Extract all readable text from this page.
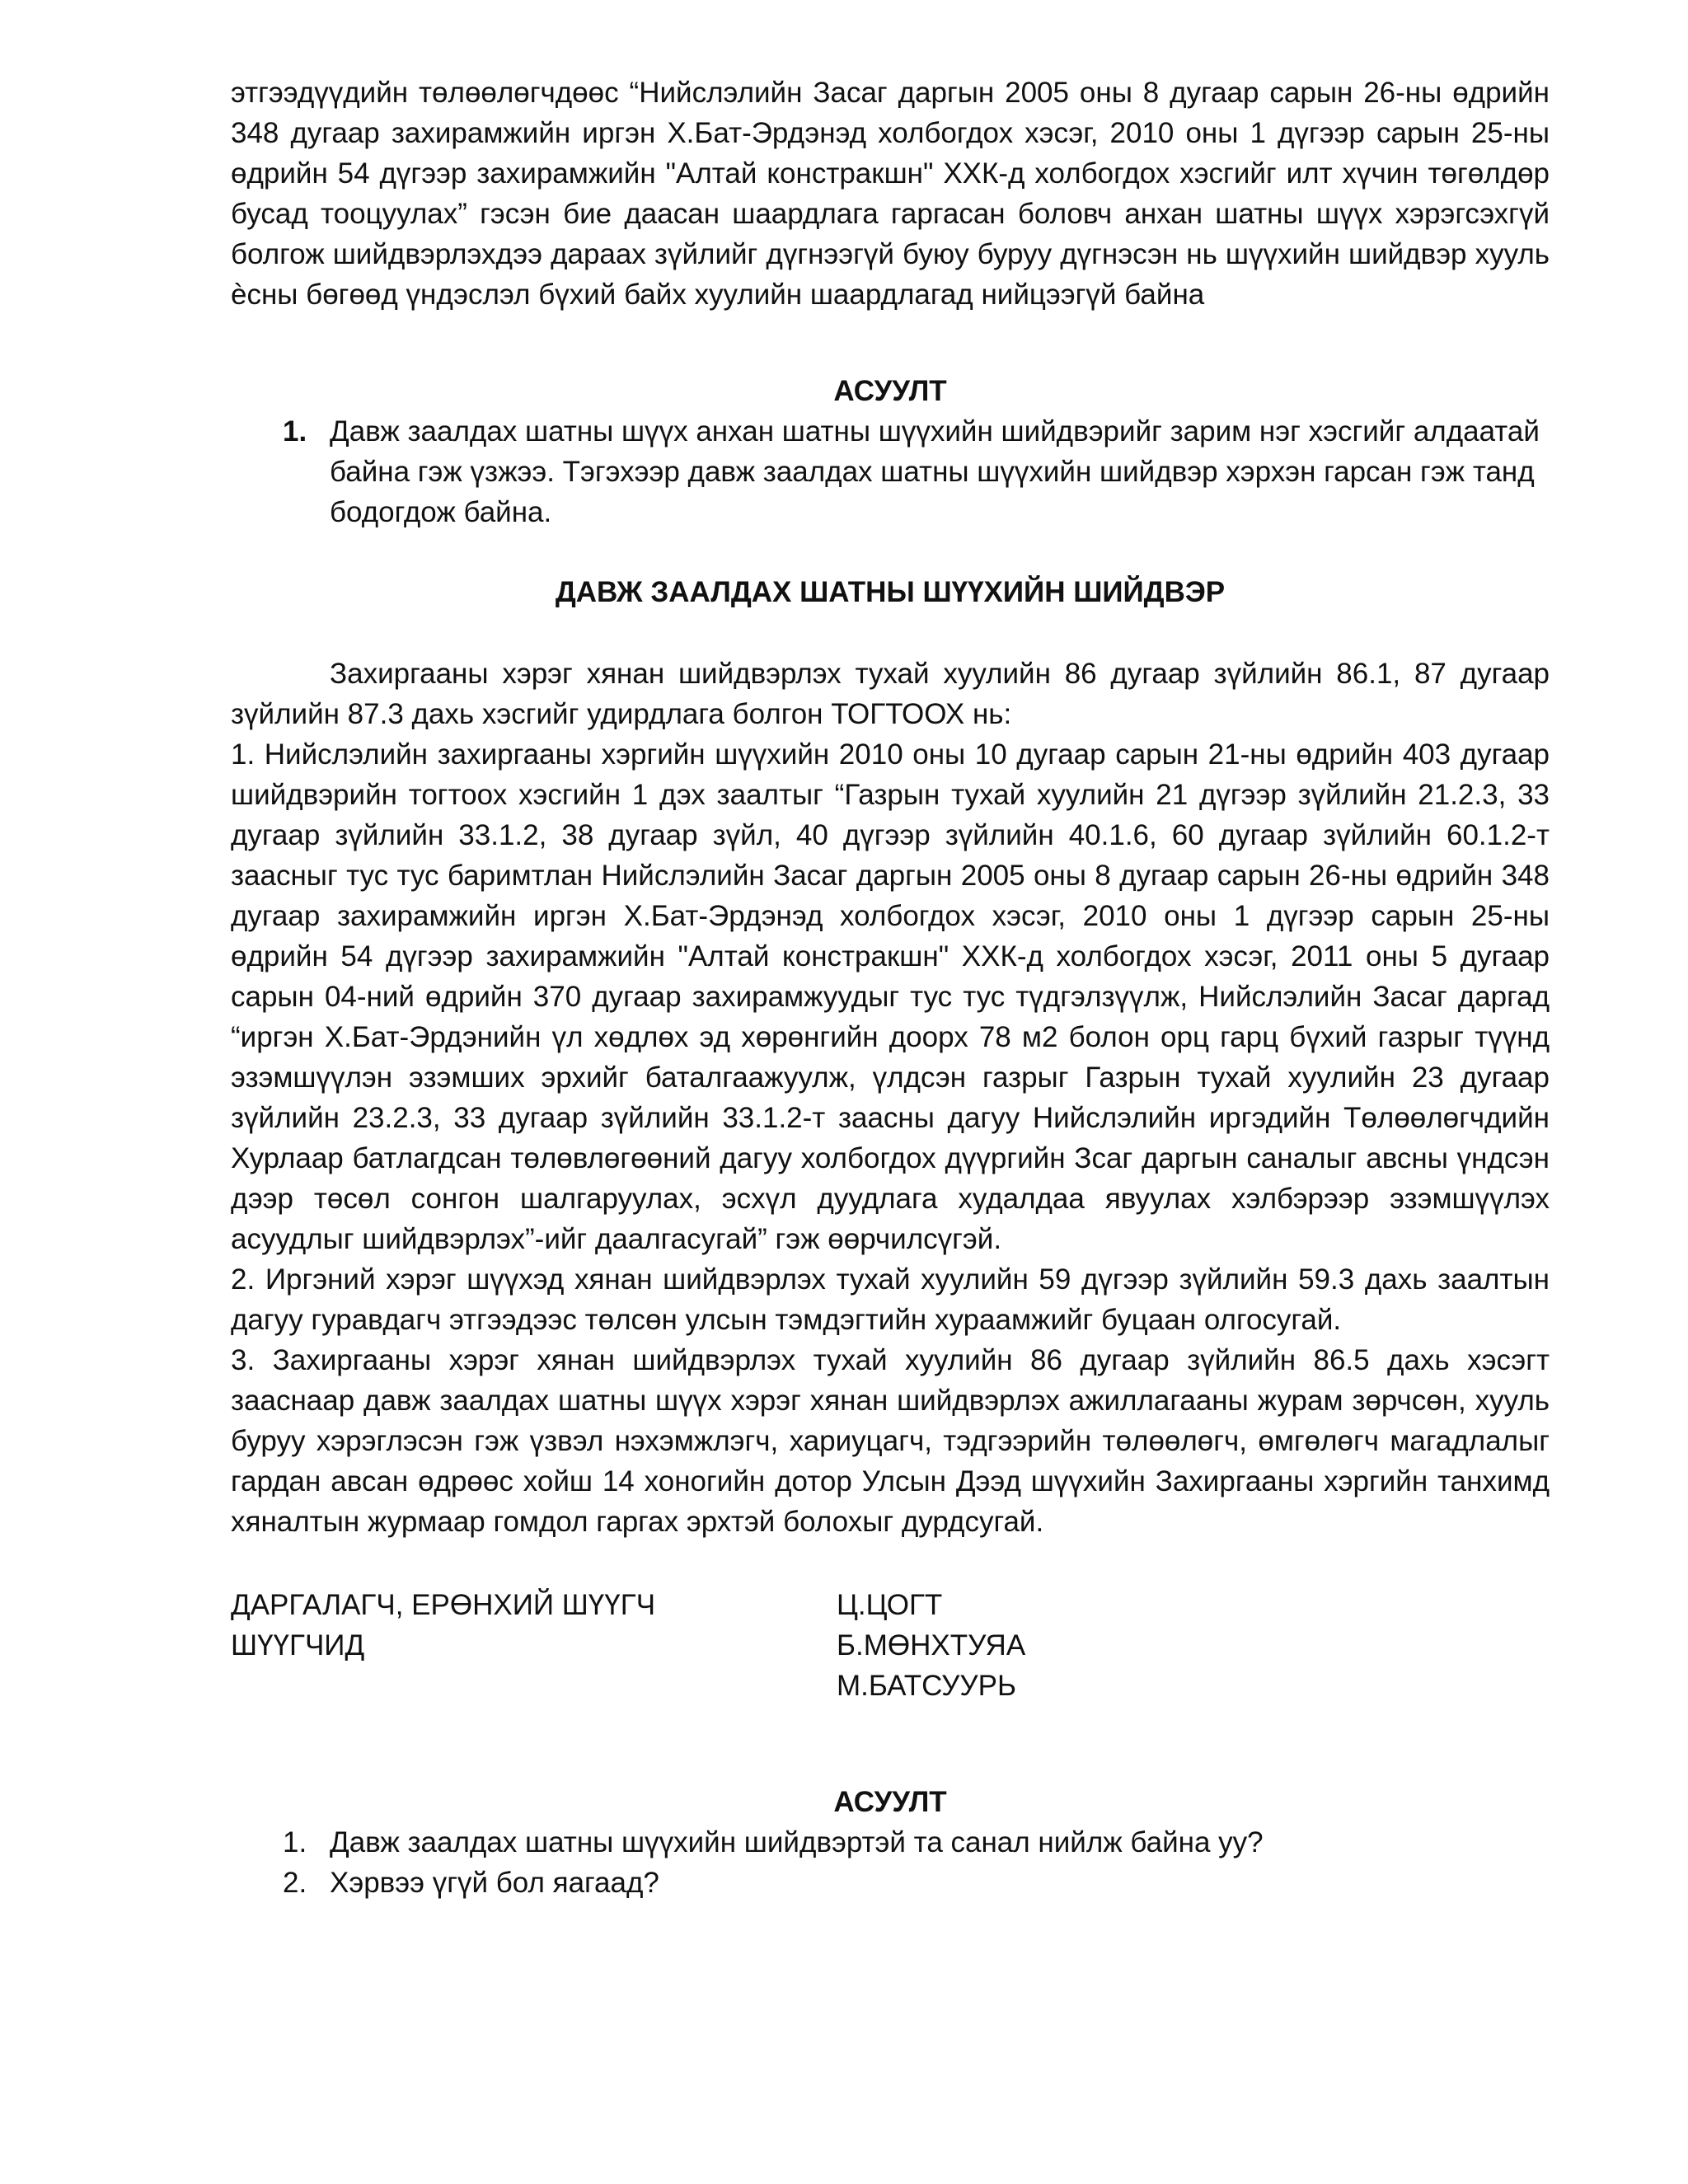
этгээдүүдийн төлөөлөгчдөөс “Нийслэлийн Засаг даргын 2005 оны 8 дугаар сарын 26-ны өдрийн 348 дугаар захирамжийн иргэн Х.Бат-Эрдэнэд холбогдох хэсэг, 2010 оны 1 дүгээр сарын 25-ны өдрийн 54 дүгээр захирамжийн "Алтай констракшн" ХХК-д холбогдох хэсгийг илт хүчин төгөлдөр бусад тооцуулах” гэсэн бие даасан шаардлага гаргасан боловч анхан шатны шүүх хэрэгсэхгүй болгож шийдвэрлэхдээ дараах зүйлийг дүгнээгүй буюу буруу дүгнэсэн нь шүүхийн шийдвэр хууль ѐсны бөгөөд үндэслэл бүхий байх хуулийн шаардлагад нийцээгүй байна

АСУУЛТ

1. Давж заалдах шатны шүүх анхан шатны шүүхийн шийдвэрийг зарим нэг хэсгийг алдаатай байна гэж үзжээ. Тэгэхээр давж заалдах шатны шүүхийн шийдвэр хэрхэн гарсан гэж танд бодогдож байна.

ДАВЖ ЗААЛДАХ ШАТНЫ ШҮҮХИЙН ШИЙДВЭР

Захиргааны хэрэг хянан шийдвэрлэх тухай хуулийн 86 дугаар зүйлийн 86.1, 87 дугаар зүйлийн 87.3 дахь хэсгийг удирдлага болгон ТОГТООХ нь:

1. Нийслэлийн захиргааны хэргийн шүүхийн 2010 оны 10 дугаар сарын 21-ны өдрийн 403 дугаар шийдвэрийн тогтоох хэсгийн 1 дэх заалтыг “Газрын тухай хуулийн 21 дүгээр зүйлийн 21.2.3, 33 дугаар зүйлийн 33.1.2, 38 дугаар зүйл, 40 дүгээр зүйлийн 40.1.6, 60 дугаар зүйлийн 60.1.2-т заасныг тус тус баримтлан Нийслэлийн Засаг даргын 2005 оны 8 дугаар сарын 26-ны өдрийн 348 дугаар захирамжийн иргэн Х.Бат-Эрдэнэд холбогдох хэсэг, 2010 оны 1 дүгээр сарын 25-ны өдрийн 54 дүгээр захирамжийн "Алтай констракшн" ХХК-д холбогдох хэсэг, 2011 оны 5 дугаар сарын 04-ний өдрийн 370 дугаар захирамжуудыг тус тус түдгэлзүүлж, Нийслэлийн Засаг даргад “иргэн Х.Бат-Эрдэнийн үл хөдлөх эд хөрөнгийн доорх 78 м2 болон орц гарц бүхий газрыг түүнд эзэмшүүлэн эзэмших эрхийг баталгаажуулж, үлдсэн газрыг Газрын тухай хуулийн 23 дугаар зүйлийн 23.2.3, 33 дугаар зүйлийн 33.1.2-т заасны дагуу Нийслэлийн иргэдийн Төлөөлөгчдийн Хурлаар батлагдсан төлөвлөгөөний дагуу холбогдох дүүргийн Зсаг даргын саналыг авсны үндсэн дээр төсөл сонгон шалгаруулах, эсхүл дуудлага худалдаа явуулах хэлбэрээр эзэмшүүлэх асуудлыг шийдвэрлэх”-ийг даалгасугай” гэж өөрчилсүгэй.

2. Иргэний хэрэг шүүхэд хянан шийдвэрлэх тухай хуулийн 59 дүгээр зүйлийн 59.3 дахь заалтын дагуу гуравдагч этгээдээс төлсөн улсын тэмдэгтийн хураамжийг буцаан олгосугай.

3. Захиргааны хэрэг хянан шийдвэрлэх тухай хуулийн 86 дугаар зүйлийн 86.5 дахь хэсэгт зааснаар давж заалдах шатны шүүх хэрэг хянан шийдвэрлэх ажиллагааны журам зөрчсөн, хууль буруу хэрэглэсэн гэж үзвэл нэхэмжлэгч, хариуцагч, тэдгээрийн төлөөлөгч, өмгөлөгч магадлалыг гардан авсан өдрөөс хойш 14 хоногийн дотор Улсын Дээд шүүхийн Захиргааны хэргийн танхимд хяналтын журмаар гомдол гаргах эрхтэй болохыг дурдсугай.

ДАРГАЛАГЧ, ЕРӨНХИЙ ШҮҮГЧ	Ц.ЦОГТ
ШҮҮГЧИД	Б.МӨНХТУЯА
М.БАТСУУРЬ

АСУУЛТ

1. Давж заалдах шатны шүүхийн шийдвэртэй та санал нийлж байна уу?
2. Хэрвээ үгүй бол яагаад?
